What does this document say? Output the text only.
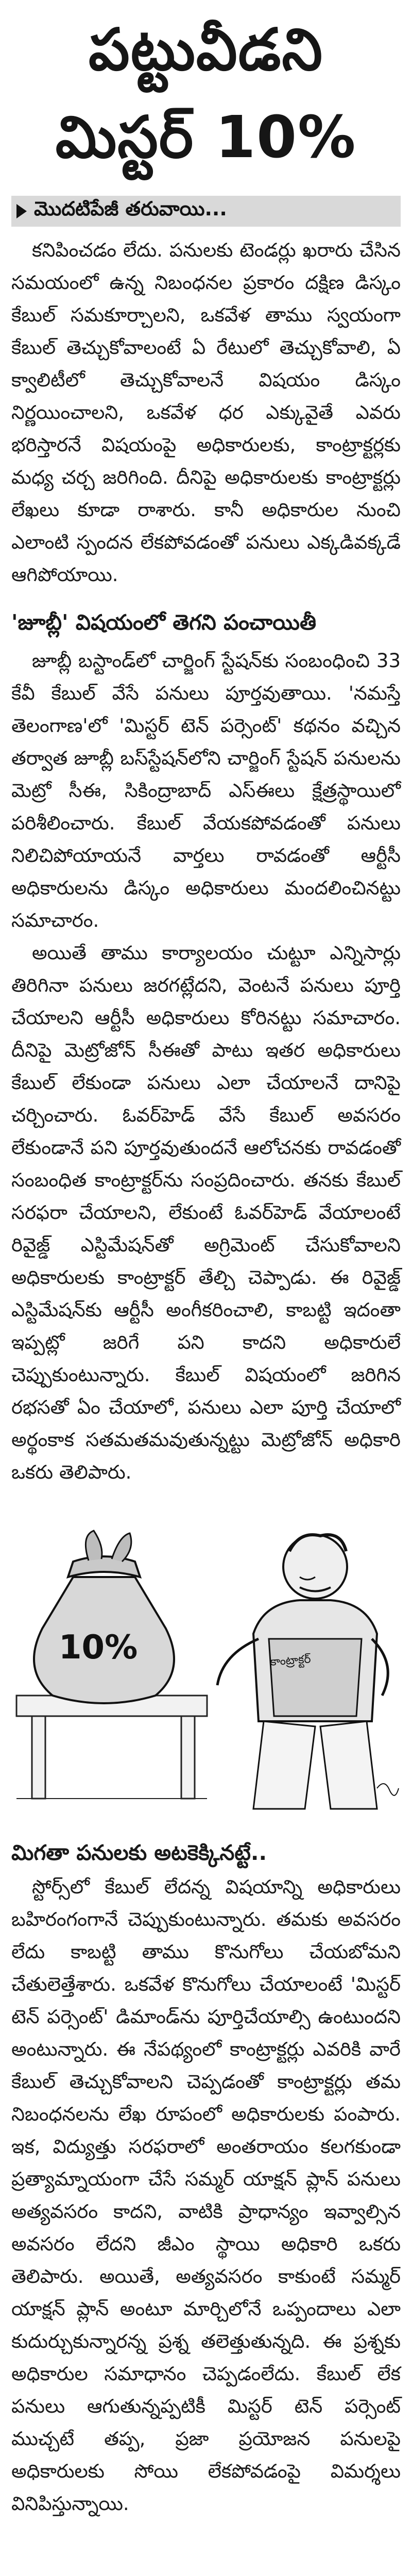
పట్టువీడని
మిస్టర్ 10%
మొదటిపేజీ తరువాయి...

కనిపించడం లేదు. పనులకు టెండర్లు ఖరారు చేసిన సమయంలో ఉన్న నిబంధనల ప్రకారం దక్షిణ డిస్కం కేబుల్ సమకూర్చాలని, ఒకవేళ తాము స్వయంగా కేబుల్ తెచ్చుకోవాలంటే ఏ రేటులో తెచ్చుకోవాలి, ఏ క్వాలిటీలో తెచ్చుకోవాలనే విషయం డిస్కం నిర్ణయించాలని, ఒకవేళ ధర ఎక్కువైతే ఎవరు భరిస్తారనే విషయంపై అధికారులకు, కాంట్రాక్టర్లకు మధ్య చర్చ జరిగింది. దీనిపై అధికారులకు కాంట్రాక్టర్లు లేఖలు కూడా రాశారు. కానీ అధికారుల నుంచి ఎలాంటి స్పందన లేకపోవడంతో పనులు ఎక్కడివక్కడే ఆగిపోయాయి.

'జూబ్లీ' విషయంలో తెగని పంచాయితీ

జూబ్లీ బస్టాండ్‌లో చార్జింగ్ స్టేషన్‌కు సంబంధించి 33 కేవీ కేబుల్ వేసే పనులు పూర్తవుతాయి. 'నమస్తే తెలంగాణ'లో 'మిస్టర్ టెన్ పర్సెంట్' కథనం వచ్చిన తర్వాత జూబ్లీ బస్‌స్టేషన్‌లోని చార్జింగ్ స్టేషన్ పనులను మెట్రో సీఈ, సికింద్రాబాద్ ఎస్ఈలు క్షేత్రస్థాయిలో పరిశీలించారు. కేబుల్ వేయకపోవడంతో పనులు నిలిచిపోయాయనే వార్తలు రావడంతో ఆర్టీసీ అధికారులను డిస్కం అధికారులు మందలించినట్టు సమాచారం.

అయితే తాము కార్యాలయం చుట్టూ ఎన్నిసార్లు తిరిగినా పనులు జరగట్లేదని, వెంటనే పనులు పూర్తి చేయాలని ఆర్టీసీ అధికారులు కోరినట్టు సమాచారం. దీనిపై మెట్రోజోన్ సీఈతో పాటు ఇతర అధికారులు కేబుల్ లేకుండా పనులు ఎలా చేయాలనే దానిపై చర్చించారు. ఓవర్‌హెడ్ వేసే కేబుల్ అవసరం లేకుండానే పని పూర్తవుతుందనే ఆలోచనకు రావడంతో సంబంధిత కాంట్రాక్టర్‌ను సంప్రదించారు. తనకు కేబుల్ సరఫరా చేయాలని, లేకుంటే ఓవర్‌హెడ్ వేయాలంటే రివైజ్డ్ ఎస్టిమేషన్‌తో అగ్రిమెంట్ చేసుకోవాలని అధికారులకు కాంట్రాక్టర్ తేల్చి చెప్పాడు. ఈ రివైజ్డ్ ఎస్టిమేషన్‌కు ఆర్టీసీ అంగీకరించాలి, కాబట్టి ఇదంతా ఇప్పట్లో జరిగే పని కాదని అధికారులే చెప్పుకుంటున్నారు. కేబుల్ విషయంలో జరిగిన రభసతో ఏం చేయాలో, పనులు ఎలా పూర్తి చేయాలో అర్థంకాక సతమతమవుతున్నట్టు మెట్రోజోన్ అధికారి ఒకరు తెలిపారు.

10%	కాంట్రాక్టర్
మిగతా పనులకు అటకెక్కినట్టే..

స్టోర్స్‌లో కేబుల్ లేదన్న విషయాన్ని అధికారులు బహిరంగంగానే చెప్పుకుంటున్నారు. తమకు అవసరం లేదు కాబట్టి తాము కొనుగోలు చేయబోమని చేతులెత్తేశారు. ఒకవేళ కొనుగోలు చేయాలంటే 'మిస్టర్ టెన్ పర్సెంట్' డిమాండ్‌ను పూర్తిచేయాల్సి ఉంటుందని అంటున్నారు. ఈ నేపథ్యంలో కాంట్రాక్టర్లు ఎవరికి వారే కేబుల్ తెచ్చుకోవాలని చెప్పడంతో కాంట్రాక్టర్లు తమ నిబంధనలను లేఖ రూపంలో అధికారులకు పంపారు. ఇక, విద్యుత్తు సరఫరాలో అంతరాయం కలగకుండా ప్రత్యామ్నాయంగా చేసే సమ్మర్ యాక్షన్ ప్లాన్ పనులు అత్యవసరం కాదని, వాటికి ప్రాధాన్యం ఇవ్వాల్సిన అవసరం లేదని జీఎం స్థాయి అధికారి ఒకరు తెలిపారు. అయితే, అత్యవసరం కాకుంటే సమ్మర్ యాక్షన్ ప్లాన్ అంటూ మార్చిలోనే ఒప్పందాలు ఎలా కుదుర్చుకున్నారన్న ప్రశ్న తలెత్తుతున్నది. ఈ ప్రశ్నకు అధికారుల సమాధానం చెప్పడంలేదు. కేబుల్ లేక పనులు ఆగుతున్నప్పటికీ మిస్టర్ టెన్ పర్సెంట్ ముచ్చటే తప్ప, ప్రజా ప్రయోజన పనులపై అధికారులకు సోయి లేకపోవడంపై విమర్శలు వినిపిస్తున్నాయి.
